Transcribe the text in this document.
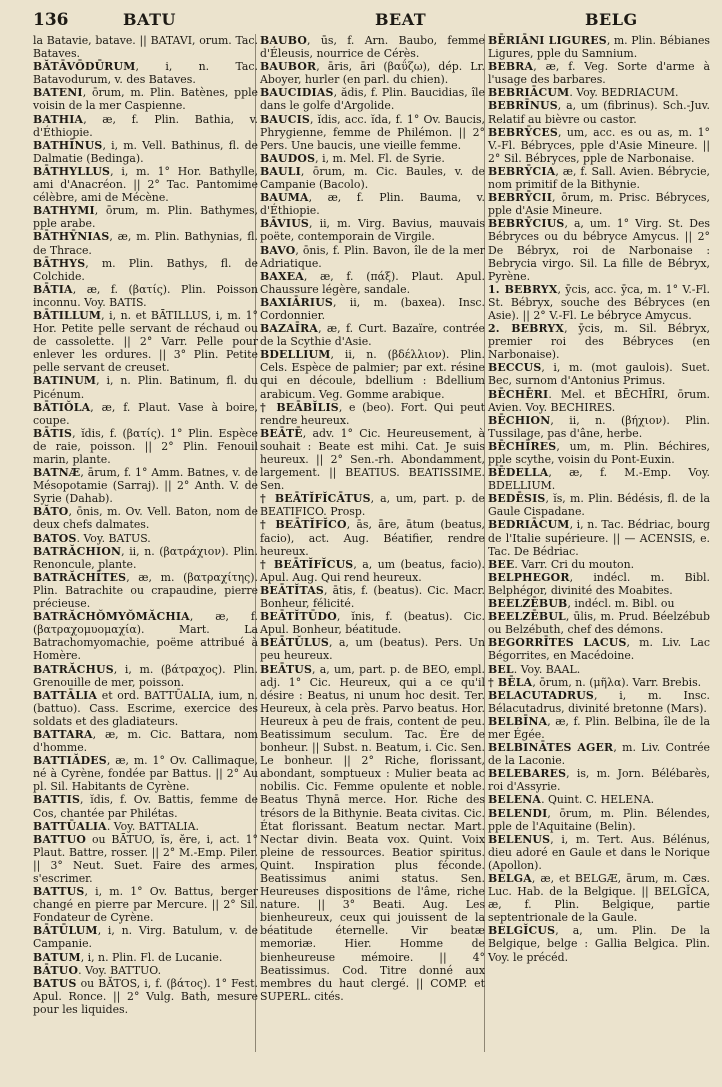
136	BATU	BEAT	BELG

la Batavie, batave. || BATAVI, orum. Tac. Bataves.

BĂTĀVŌDŪRUM, i, n. Tac. Batavodurum, v. des Bataves.

BATENI, ōrum, m. Plin. Batènes, pple voisin de la mer Caspienne.

BATHIA, æ, f. Plin. Bathia, v. d'Éthiopie.

BATHĪNUS, i, m. Vell. Bathinus, fl. de Dalmatie (Bedinga).

BĀTHYLLUS, i, m. 1° Hor. Bathylle, ami d'Anacréon. || 2° Tac. Pantomime célèbre, ami de Mécène.

BATHYMI, ōrum, m. Plin. Bathymes, pple arabe.

BĀTHȲNIAS, æ, m. Plin. Bathynias, fl. de Thrace.

BĀTHYS, m. Plin. Bathys, fl. de Colchide.

BĀTIA, æ, f. (βατίς). Plin. Poisson inconnu. Voy. BATIS.

BĀTILLUM, i, n. et BĀTILLUS, i, m. 1° Hor. Petite pelle servant de réchaud ou de cassolette. || 2° Varr. Pelle pour enlever les ordures. || 3° Plin. Petite pelle servant de creuset.

BATINUM, i, n. Plin. Batinum, fl. du Picénum.

BĀTIŎLA, æ, f. Plaut. Vase à boire, coupe.

BĀTIS, ĭdis, f. (βατίς). 1° Plin. Espèce de raie, poisson. || 2° Plin. Fenouil marin, plante.

BATNÆ, ārum, f. 1° Amm. Batnes, v. de Mésopotamie (Sarraj). || 2° Anth. V. de Syrie (Dahab).

BĂTO, ōnis, m. Ov. Vell. Baton, nom de deux chefs dalmates.

BATOS. Voy. BATUS.

BATRĂCHION, ii, n. (βατράχιον). Plin. Renoncule, plante.

BATRĂCHĪTES, æ, m. (βατραχίτης). Plin. Batrachite ou crapaudine, pierre précieuse.

BATRĂCHŎMYŎMĂCHIA, æ, f. (βατραχομυομαχία). Mart. La Batrachomyomachie, poëme attribué à Homère.

BATRĂCHUS, i, m. (βάτραχος). Plin. Grenouille de mer, poisson.

BATTĀLIA et ord. BATTŪALIA, ium, n. (battuo). Cass. Escrime, exercice des soldats et des gladiateurs.

BATTARA, æ, m. Cic. Battara, nom d'homme.

BATTIĂDES, æ, m. 1° Ov. Callimaque, né à Cyrène, fondée par Battus. || 2° Au pl. Sil. Habitants de Cyrène.

BATTIS, ĭdis, f. Ov. Battis, femme de Cos, chantée par Philétas.

BATTŪALIA. Voy. BATTALIA.

BATTUO ou BĀTUO, ĭs, ĕre, i, act. 1° Plaut. Battre, rosser. || 2° M.-Emp. Piler. || 3° Neut. Suet. Faire des armes, s'escrimer.

BATTUS, i, m. 1° Ov. Battus, berger changé en pierre par Mercure. || 2° Sil. Fondateur de Cyrène.

BĀTŪLUM, i, n. Virg. Batulum, v. de Campanie.

BATUM, i, n. Plin. Fl. de Lucanie.

BĀTUO. Voy. BATTUO.

BATUS ou BĂTOS, i, f. (βάτος). 1° Fest. Apul. Ronce. || 2° Vulg. Bath, mesure pour les liquides.

BAUBO, ūs, f. Arn. Baubo, femme d'Éleusis, nourrice de Cérès.

BAUBOR, āris, āri (βαΰζω), dép. Lr. Aboyer, hurler (en parl. du chien).

BAUCIDIAS, ădis, f. Plin. Baucidias, île dans le golfe d'Argolide.

BAUCIS, ĭdis, acc. ĭda, f. 1° Ov. Baucis, Phrygienne, femme de Philémon. || 2° Pers. Une baucis, une vieille femme.

BAUDOS, i, m. Mel. Fl. de Syrie.

BAULI, ōrum, m. Cic. Baules, v. de Campanie (Bacolo).

BAUMA, æ, f. Plin. Bauma, v. d'Éthiopie.

BĀVIUS, ii, m. Virg. Bavius, mauvais poëte, contemporain de Virgile.

BAVO, ōnis, f. Plin. Bavon, île de la mer Adriatique.

BAXEA, æ, f. (πάξ). Plaut. Apul. Chaussure légère, sandale.

BAXIĀRIUS, ii, m. (baxea). Insc. Cordonnier.

BAZAĪRA, æ, f. Curt. Bazaïre, contrée de la Scythie d'Asie.

BDELLIUM, ii, n. (βδέλλιον). Plin. Cels. Espèce de palmier; par ext. résine qui en découle, bdellium : Bdellium arabicum. Veg. Gomme arabique.

† BEĀBĬLIS, e (beo). Fort. Qui peut rendre heureux.

BEĀTĒ, adv. 1° Cic. Heureusement, à souhait : Beate est mihi. Cat. Je suis heureux. || 2° Sen.-rh. Abondamment, largement. || BEATIUS. BEATISSIME. Sen.

† BEĀTĬFĬCĀTUS, a, um, part. p. de BEATIFICO. Prosp.

† BEĀTĬFĬCO, ās, āre, ātum (beatus, facio), act. Aug. Béatifier, rendre heureux.

† BEĀTĬFĬCUS, a, um (beatus, facio). Apul. Aug. Qui rend heureux.

BEĀTĬTAS, ātis, f. (beatus). Cic. Macr. Bonheur, félicité.

BEĀTĬTŪDO, ĭnis, f. (beatus). Cic. Apul. Bonheur, béatitude.

BEĀTŬLUS, a, um (beatus). Pers. Un peu heureux.

BEĀTUS, a, um, part. p. de BEO, empl. adj. 1° Cic. Heureux, qui a ce qu'il désire : Beatus, ni unum hoc desit. Ter. Heureux, à cela près. Parvo beatus. Hor. Heureux à peu de frais, content de peu. Beatissimum seculum. Tac. Ère de bonheur. || Subst. n. Beatum, i. Cic. Sen. Le bonheur. || 2° Riche, florissant, abondant, somptueux : Mulier beata ac nobilis. Cic. Femme opulente et noble. Beatus Thynā merce. Hor. Riche des trésors de la Bithynie. Beata civitas. Cic. État florissant. Beatum nectar. Mart. Nectar divin. Beata vox. Quint. Voix pleine de ressources. Beatior spiritus. Quint. Inspiration plus féconde. Beatissimus animi status. Sen. Heureuses dispositions de l'âme, riche nature. || 3° Beati. Aug. Les bienheureux, ceux qui jouissent de la béatitude éternelle. Vir beatæ memoriæ. Hier. Homme de bienheureuse mémoire. || 4° Beatissimus. Cod. Titre donné aux membres du haut clergé. || COMP. et SUPERL. cités.

BĒRIĀNI LIGURES, m. Plin. Bébianes Ligures, pple du Samnium.

BEBRA, æ, f. Veg. Sorte d'arme à l'usage des barbares.

BEBRIĀCUM. Voy. BEDRIACUM.

BEBRĪNUS, a, um (fibrinus). Sch.-Juv. Relatif au bièvre ou castor.

BEBRȲCES, um, acc. es ou as, m. 1° V.-Fl. Bébryces, pple d'Asie Mineure. || 2° Sil. Bébryces, pple de Narbonaise.

BEBRȲCIA, æ, f. Sall. Avien. Bébrycie, nom primitif de la Bithynie.

BEBRȲCII, ōrum, m. Prisc. Bébryces, pple d'Asie Mineure.

BEBRȲCIUS, a, um. 1° Virg. St. Des Bébryces ou du bébryce Amycus. || 2° De Bébryx, roi de Narbonaise : Bebrycia virgo. Sil. La fille de Bébryx, Pyrène.

1. BEBRYX, ȳcis, acc. ȳca, m. 1° V.-Fl. St. Bébryx, souche des Bébryces (en Asie). || 2° V.-Fl. Le bébryce Amycus.

2. BEBRYX, ȳcis, m. Sil. Bébryx, premier roi des Bébryces (en Narbonaise).

BECCUS, i, m. (mot gaulois). Suet. Bec, surnom d'Antonius Primus.

BĒCHĒRI. Mel. et BĒCHĪRI, ōrum. Avien. Voy. BECHIRES.

BĒCHION, ii, n. (βήχιον). Plin. Tussilage, pas d'âne, herbe.

BĒCHĪRES, um, m. Plin. Béchires, pple scythe, voisin du Pont-Euxin.

BĒDELLA, æ, f. M.-Emp. Voy. BDELLIUM.

BEDĒSIS, ĭs, m. Plin. Bédésis, fl. de la Gaule Cispadane.

BEDRIĀCUM, i, n. Tac. Bédriac, bourg de l'Italie supérieure. || — ACENSIS, e. Tac. De Bédriac.

BEE. Varr. Cri du mouton.

BELPHEGOR, indécl. m. Bibl. Belphégor, divinité des Moabites.

BEELZĒBUB, indécl. m. Bibl. ou

BEELZĒBUL, ūlis, m. Prud. Béelzébub ou Belzébuth, chef des démons.

BEGORRĪTES LACUS, m. Liv. Lac Bégorrites, en Macédoine.

BEL. Voy. BAAL.

† BĒLA, ōrum, n. (μῆλα). Varr. Brebis.

BELACUTADRUS, i, m. Insc. Bélacutadrus, divinité bretonne (Mars).

BELBĪNA, æ, f. Plin. Belbina, île de la mer Égée.

BELBINĀTES AGER, m. Liv. Contrée de la Laconie.

BELEBARES, is, m. Jorn. Bélébarès, roi d'Assyrie.

BELENA. Quint. C. HELENA.

BELENDI, ōrum, m. Plin. Bélendes, pple de l'Aquitaine (Belin).

BELENUS, i, m. Tert. Aus. Bélénus, dieu adoré en Gaule et dans le Norique (Apollon).

BELGA, æ, et BELGÆ, ārum, m. Cæs. Luc. Hab. de la Belgique. || BELGĬCA, æ, f. Plin. Belgique, partie septentrionale de la Gaule.

BELGĬCUS, a, um. Plin. De la Belgique, belge : Gallia Belgica. Plin. Voy. le précéd.
